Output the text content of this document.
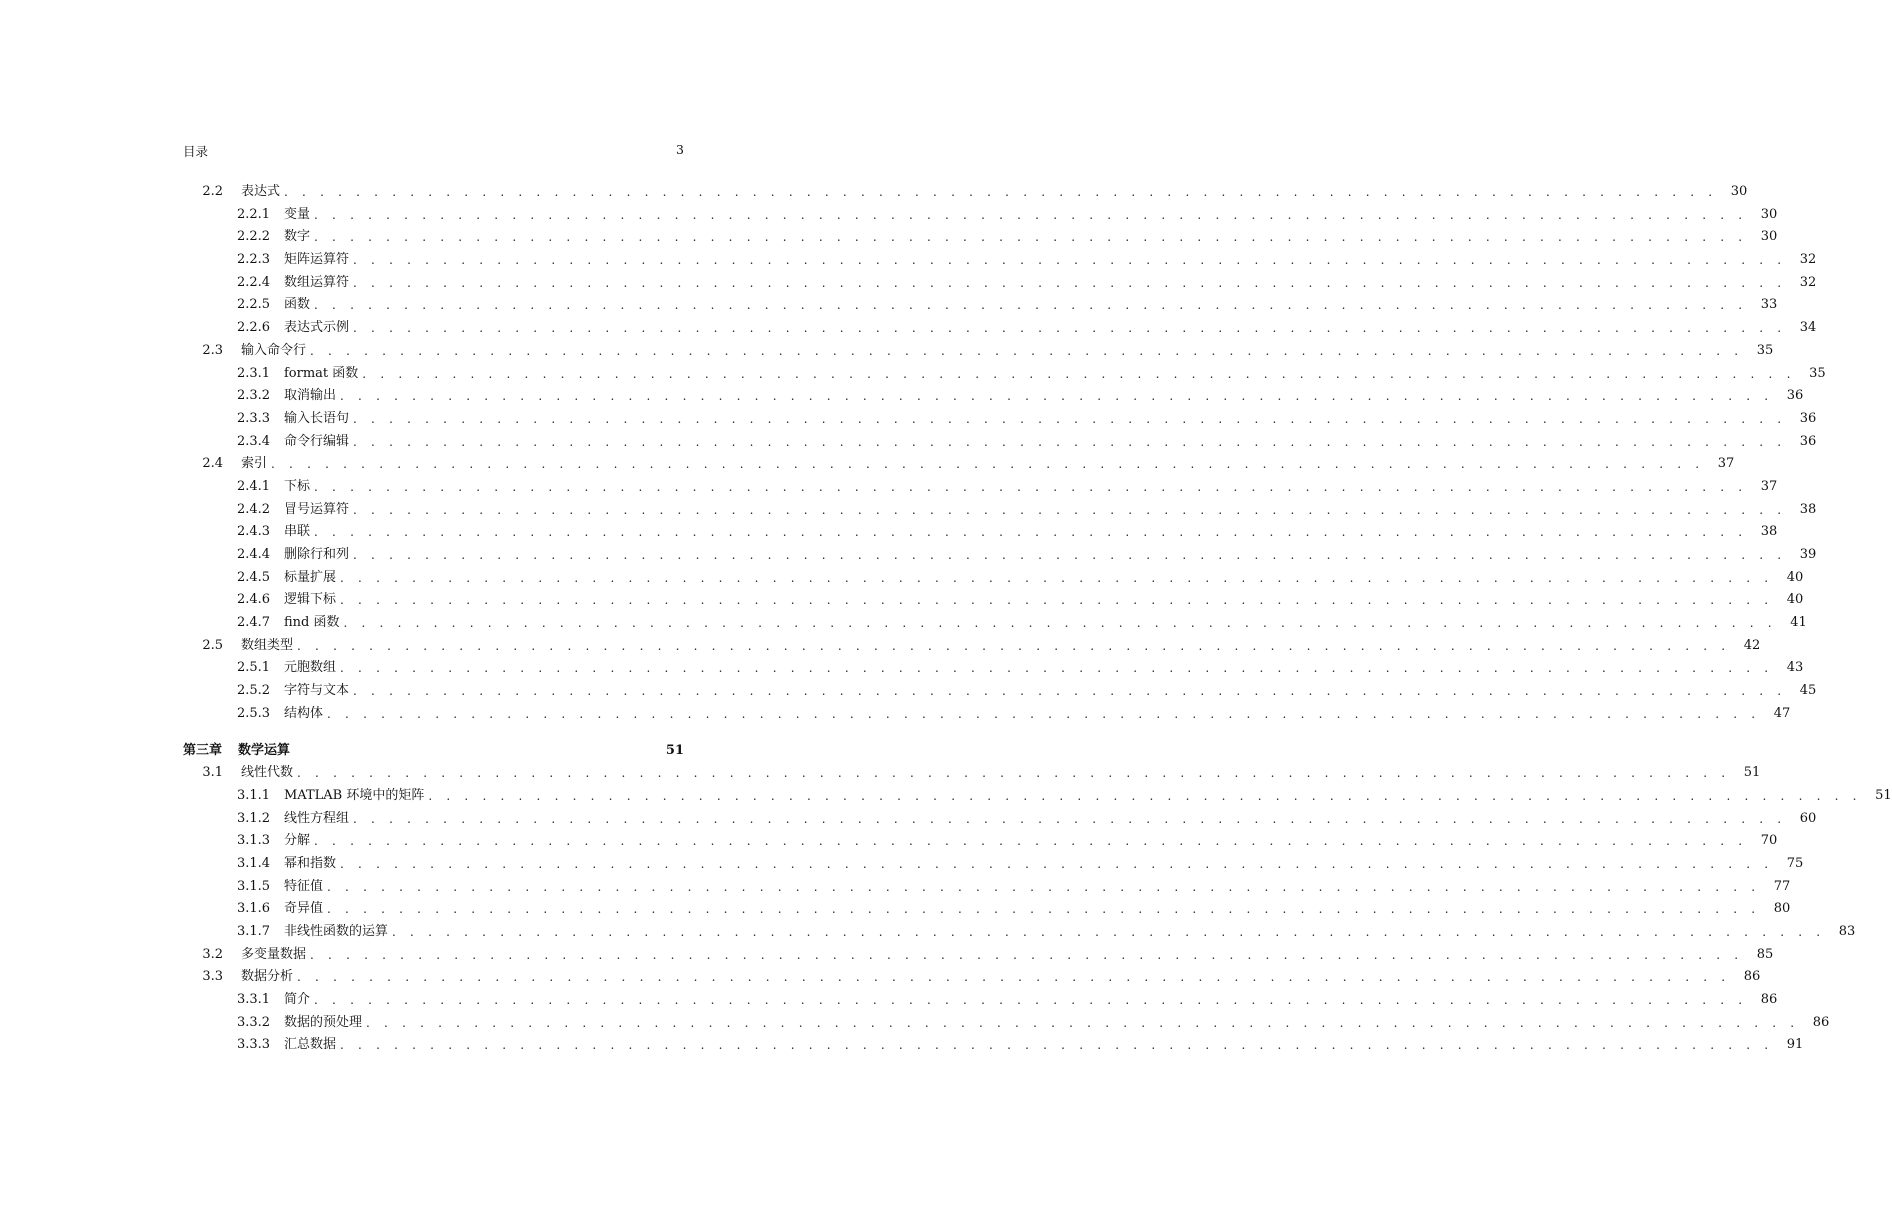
目录	3
2.2 表达式 . . . . . . . . . . . . . . . . . . . . . . . . . . . . . . . . . . . . . . . . . . . . . . . . . . . . . . . . . . . . . . . . . . . . . . . . . . . . . . . .	30
2.2.1	变量 . . . . . . . . . . . . . . . . . . . . . . . . . . . . . . . . . . . . . . . . . . . . . . . . . . . . . . . . . . . . . . . . . . . . . . . . . . . . . . . .	30
2.2.2	数字 . . . . . . . . . . . . . . . . . . . . . . . . . . . . . . . . . . . . . . . . . . . . . . . . . . . . . . . . . . . . . . . . . . . . . . . . . . . . . . . .	30
2.2.3	矩阵运算符 . . . . . . . . . . . . . . . . . . . . . . . . . . . . . . . . . . . . . . . . . . . . . . . . . . . . . . . . . . . . . . . . . . . . . . . . . . . . . . . .	32
2.2.4	数组运算符 . . . . . . . . . . . . . . . . . . . . . . . . . . . . . . . . . . . . . . . . . . . . . . . . . . . . . . . . . . . . . . . . . . . . . . . . . . . . . . . .	32
2.2.5	函数 . . . . . . . . . . . . . . . . . . . . . . . . . . . . . . . . . . . . . . . . . . . . . . . . . . . . . . . . . . . . . . . . . . . . . . . . . . . . . . . .	33
2.2.6	表达式示例 . . . . . . . . . . . . . . . . . . . . . . . . . . . . . . . . . . . . . . . . . . . . . . . . . . . . . . . . . . . . . . . . . . . . . . . . . . . . . . . .	34
2.3 输入命令行 . . . . . . . . . . . . . . . . . . . . . . . . . . . . . . . . . . . . . . . . . . . . . . . . . . . . . . . . . . . . . . . . . . . . . . . . . . . . . . . .	35
2.3.1	format 函数 . . . . . . . . . . . . . . . . . . . . . . . . . . . . . . . . . . . . . . . . . . . . . . . . . . . . . . . . . . . . . . . . . . . . . . . . . . . . . . . .	35
2.3.2	取消输出 . . . . . . . . . . . . . . . . . . . . . . . . . . . . . . . . . . . . . . . . . . . . . . . . . . . . . . . . . . . . . . . . . . . . . . . . . . . . . . . .	36
2.3.3	输入长语句 . . . . . . . . . . . . . . . . . . . . . . . . . . . . . . . . . . . . . . . . . . . . . . . . . . . . . . . . . . . . . . . . . . . . . . . . . . . . . . . .	36
2.3.4	命令行编辑 . . . . . . . . . . . . . . . . . . . . . . . . . . . . . . . . . . . . . . . . . . . . . . . . . . . . . . . . . . . . . . . . . . . . . . . . . . . . . . . .	36
2.4 索引 . . . . . . . . . . . . . . . . . . . . . . . . . . . . . . . . . . . . . . . . . . . . . . . . . . . . . . . . . . . . . . . . . . . . . . . . . . . . . . . .	37
2.4.1	下标 . . . . . . . . . . . . . . . . . . . . . . . . . . . . . . . . . . . . . . . . . . . . . . . . . . . . . . . . . . . . . . . . . . . . . . . . . . . . . . . .	37
2.4.2	冒号运算符 . . . . . . . . . . . . . . . . . . . . . . . . . . . . . . . . . . . . . . . . . . . . . . . . . . . . . . . . . . . . . . . . . . . . . . . . . . . . . . . .	38
2.4.3	串联 . . . . . . . . . . . . . . . . . . . . . . . . . . . . . . . . . . . . . . . . . . . . . . . . . . . . . . . . . . . . . . . . . . . . . . . . . . . . . . . .	38
2.4.4	删除行和列 . . . . . . . . . . . . . . . . . . . . . . . . . . . . . . . . . . . . . . . . . . . . . . . . . . . . . . . . . . . . . . . . . . . . . . . . . . . . . . . .	39
2.4.5	标量扩展 . . . . . . . . . . . . . . . . . . . . . . . . . . . . . . . . . . . . . . . . . . . . . . . . . . . . . . . . . . . . . . . . . . . . . . . . . . . . . . . .	40
2.4.6	逻辑下标 . . . . . . . . . . . . . . . . . . . . . . . . . . . . . . . . . . . . . . . . . . . . . . . . . . . . . . . . . . . . . . . . . . . . . . . . . . . . . . . .	40
2.4.7	find 函数 . . . . . . . . . . . . . . . . . . . . . . . . . . . . . . . . . . . . . . . . . . . . . . . . . . . . . . . . . . . . . . . . . . . . . . . . . . . . . . . .	41
2.5 数组类型 . . . . . . . . . . . . . . . . . . . . . . . . . . . . . . . . . . . . . . . . . . . . . . . . . . . . . . . . . . . . . . . . . . . . . . . . . . . . . . . .	42
2.5.1	元胞数组 . . . . . . . . . . . . . . . . . . . . . . . . . . . . . . . . . . . . . . . . . . . . . . . . . . . . . . . . . . . . . . . . . . . . . . . . . . . . . . . .	43
2.5.2	字符与文本 . . . . . . . . . . . . . . . . . . . . . . . . . . . . . . . . . . . . . . . . . . . . . . . . . . . . . . . . . . . . . . . . . . . . . . . . . . . . . . . .	45
2.5.3	结构体 . . . . . . . . . . . . . . . . . . . . . . . . . . . . . . . . . . . . . . . . . . . . . . . . . . . . . . . . . . . . . . . . . . . . . . . . . . . . . . . .	47
第三章	数学运算	51
3.1 线性代数 . . . . . . . . . . . . . . . . . . . . . . . . . . . . . . . . . . . . . . . . . . . . . . . . . . . . . . . . . . . . . . . . . . . . . . . . . . . . . . . .	51
3.1.1	MATLAB 环境中的矩阵 . . . . . . . . . . . . . . . . . . . . . . . . . . . . . . . . . . . . . . . . . . . . . . . . . . . . . . . . . . . . . . . . . . . . . . . . . . . . . . . .	51
3.1.2	线性方程组 . . . . . . . . . . . . . . . . . . . . . . . . . . . . . . . . . . . . . . . . . . . . . . . . . . . . . . . . . . . . . . . . . . . . . . . . . . . . . . . .	60
3.1.3	分解 . . . . . . . . . . . . . . . . . . . . . . . . . . . . . . . . . . . . . . . . . . . . . . . . . . . . . . . . . . . . . . . . . . . . . . . . . . . . . . . .	70
3.1.4	幂和指数 . . . . . . . . . . . . . . . . . . . . . . . . . . . . . . . . . . . . . . . . . . . . . . . . . . . . . . . . . . . . . . . . . . . . . . . . . . . . . . . .	75
3.1.5	特征值 . . . . . . . . . . . . . . . . . . . . . . . . . . . . . . . . . . . . . . . . . . . . . . . . . . . . . . . . . . . . . . . . . . . . . . . . . . . . . . . .	77
3.1.6	奇异值 . . . . . . . . . . . . . . . . . . . . . . . . . . . . . . . . . . . . . . . . . . . . . . . . . . . . . . . . . . . . . . . . . . . . . . . . . . . . . . . .	80
3.1.7	非线性函数的运算 . . . . . . . . . . . . . . . . . . . . . . . . . . . . . . . . . . . . . . . . . . . . . . . . . . . . . . . . . . . . . . . . . . . . . . . . . . . . . . . .	83
3.2 多变量数据 . . . . . . . . . . . . . . . . . . . . . . . . . . . . . . . . . . . . . . . . . . . . . . . . . . . . . . . . . . . . . . . . . . . . . . . . . . . . . . . .	85
3.3 数据分析 . . . . . . . . . . . . . . . . . . . . . . . . . . . . . . . . . . . . . . . . . . . . . . . . . . . . . . . . . . . . . . . . . . . . . . . . . . . . . . . .	86
3.3.1	简介 . . . . . . . . . . . . . . . . . . . . . . . . . . . . . . . . . . . . . . . . . . . . . . . . . . . . . . . . . . . . . . . . . . . . . . . . . . . . . . . .	86
3.3.2	数据的预处理 . . . . . . . . . . . . . . . . . . . . . . . . . . . . . . . . . . . . . . . . . . . . . . . . . . . . . . . . . . . . . . . . . . . . . . . . . . . . . . . .	86
3.3.3	汇总数据 . . . . . . . . . . . . . . . . . . . . . . . . . . . . . . . . . . . . . . . . . . . . . . . . . . . . . . . . . . . . . . . . . . . . . . . . . . . . . . . .	91
